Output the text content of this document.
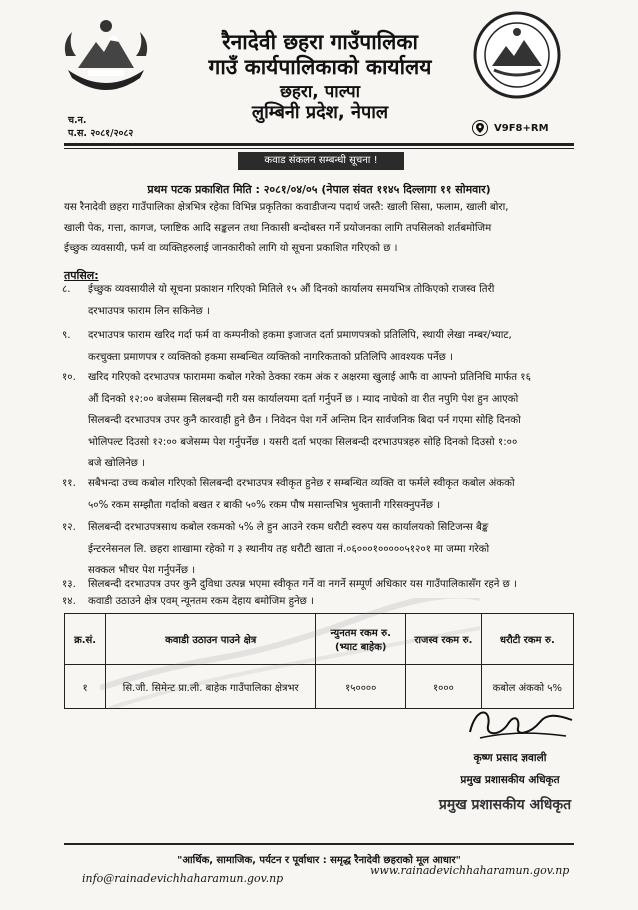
रैनादेवी छहरा गाउँपालिका
गाउँ कार्यपालिकाको कार्यालय
छहरा, पाल्पा
लुम्बिनी प्रदेश, नेपाल
च.न.
प.स. २०८१/२०८२	V9F8+RM
कवाड संकलन सम्बन्धी सूचना !
प्रथम पटक प्रकाशित मिति : २०८१/०४/०५ (नेपाल संवत ११४५ दिल्लागा ११ सोमवार)
यस रैनादेवी छहरा गाउँपालिका क्षेत्रभित्र रहेका विभिन्न प्रकृतिका कवाडीजन्य पदार्थ जस्तै: खाली सिसा, फलाम, खाली बोरा,
खाली पेक, गत्ता, कागज, प्लाष्टिक आदि सङ्कलन तथा निकासी बन्दोबस्त गर्ने प्रयोजनका लागि तपसिलको शर्तबमोजिम
ईच्छुक व्यवसायी, फर्म वा व्यक्तिहरुलाई जानकारीको लागि यो सूचना प्रकाशित गरिएको छ ।
तपसिल:
८.	ईच्छुक व्यवसायीले यो सूचना प्रकाशन गरिएको मितिले १५ औं दिनको कार्यालय समयभित्र तोकिएको राजस्व तिरी
दरभाउपत्र फाराम लिन सकिनेछ ।
९.	दरभाउपत्र फाराम खरिद गर्दा फर्म वा कम्पनीको हकमा इजाजत दर्ता प्रमाणपत्रको प्रतिलिपि, स्थायी लेखा नम्बर/भ्याट,
करचुक्ता प्रमाणपत्र र व्यक्तिको हकमा सम्बन्धित व्यक्तिको नागरिकताको प्रतिलिपि आवश्यक पर्नेछ ।
१०.	खरिद गरिएको दरभाउपत्र फाराममा कबोल गरेको ठेक्का रकम अंक र अक्षरमा खुलाई आफै वा आफ्नो प्रतिनिधि मार्फत १६
औं दिनको १२:०० बजेसम्म सिलबन्दी गरी यस कार्यालयमा दर्ता गर्नुपर्ने छ । म्याद नाघेको वा रीत नपुगि पेश हुन आएको
सिलबन्दी दरभाउपत्र उपर कुनै कारवाही हुने छैन । निवेदन पेश गर्ने अन्तिम दिन सार्वजनिक बिदा पर्न गएमा सोहि दिनको
भोलिपल्ट दिउसो १२:०० बजेसम्म पेश गर्नुपर्नेछ । यसरी दर्ता भएका सिलबन्दी दरभाउपत्रहरु सोहि दिनको दिउसो १:००
बजे खोलिनेछ ।
११.	सबैभन्दा उच्च कबोल गरिएको सिलबन्दी दरभाउपत्र स्वीकृत हुनेछ र सम्बन्धित व्यक्ति वा फर्मले स्वीकृत कबोल अंकको
५०% रकम सम्झौता गर्दाको बखत र बाकी ५०% रकम पौष मसान्तभित्र भुक्तानी गरिसक्नुपर्नेछ ।
१२.	सिलबन्दी दरभाउपत्रसाथ कबोल रकमको ५% ले हुन आउने रकम धरौटी स्वरुप यस कार्यालयको सिटिजन्स बैङ्क
ईन्टरनेसनल लि. छहरा शाखामा रहेको ग ३ स्थानीय तह धरौटी खाता नं.०६०००१०००००५१२०१ मा जम्मा गरेको
सक्कल भौचर पेश गर्नुपर्नेछ ।
१३.	सिलबन्दी दरभाउपत्र उपर कुनै दुविधा उत्पन्न भएमा स्वीकृत गर्ने वा नगर्ने सम्पूर्ण अधिकार यस गाउँपालिकासँग रहने छ ।
१४.	कवाडी उठाउने क्षेत्र एवम् न्यूनतम रकम देहाय बमोजिम हुनेछ ।
क्र.सं.	कवाडी उठाउन पाउने क्षेत्र	न्युनतम रकम रु. (भ्याट बाहेक)	राजस्व रकम रु.	धरौटी रकम रु.
१	सि.जी. सिमेन्ट प्रा.ली. बाहेक गाउँपालिका क्षेत्रभर	१५००००	१०००	कबोल अंकको ५%
कृष्ण प्रसाद ज्ञवाली
प्रमुख प्रशासकीय अधिकृत
प्रमुख प्रशासकीय अधिकृत
"आर्थिक, सामाजिक, पर्यटन र पूर्वाधार : समृद्ध रैनादेवी छहराको मूल आधार"
info@rainadevichhaharamun.gov.np
www.rainadevichhaharamun.gov.np
